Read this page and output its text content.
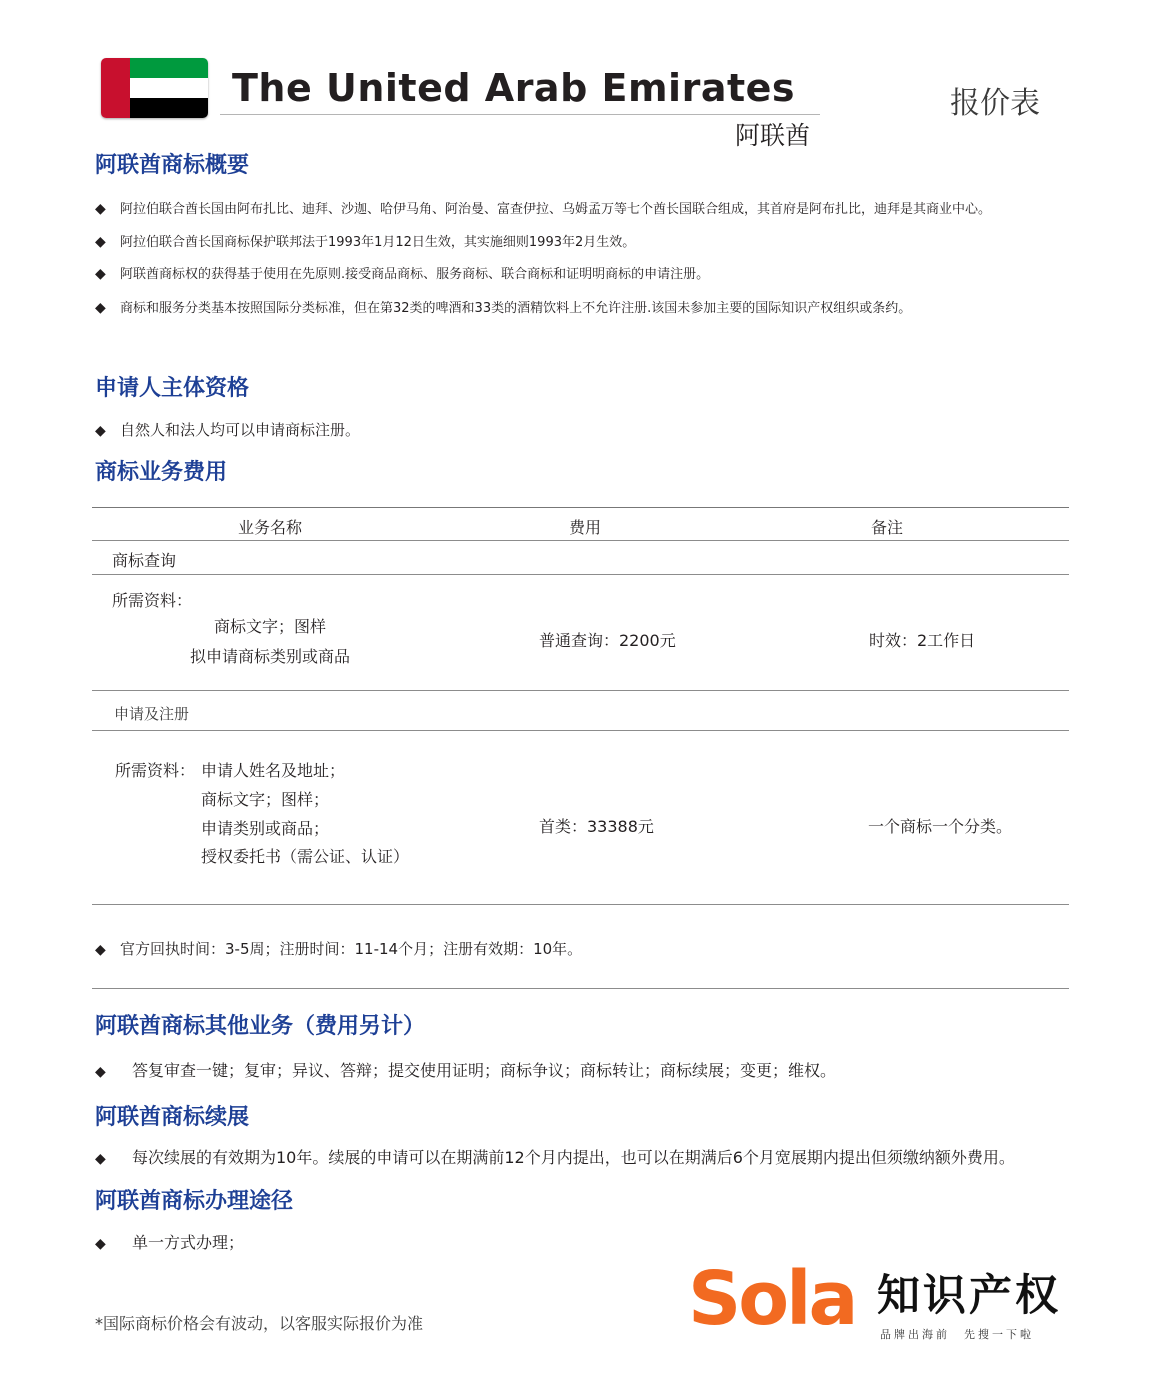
The United Arab Emirates
阿联酋
报价表
阿联酋商标概要
◆ 阿拉伯联合酋长国由阿布扎比、迪拜、沙迦、哈伊马角、阿治曼、富查伊拉、乌姆孟万等七个酋长国联合组成，其首府是阿布扎比，迪拜是其商业中心。
◆ 阿拉伯联合酋长国商标保护联邦法于1993年1月12日生效，其实施细则1993年2月生效。
◆ 阿联酋商标权的获得基于使用在先原则.接受商品商标、服务商标、联合商标和证明明商标的申请注册。
◆ 商标和服务分类基本按照国际分类标准，但在第32类的啤酒和33类的酒精饮料上不允许注册.该国未参加主要的国际知识产权组织或条约。
申请人主体资格
◆ 自然人和法人均可以申请商标注册。
商标业务费用
业务名称	费用	备注
商标查询
所需资料：
商标文字；图样
拟申请商标类别或商品
普通查询：2200元	时效：2工作日
申请及注册
所需资料： 申请人姓名及地址；
商标文字；图样；
申请类别或商品；
授权委托书（需公证、认证）
首类：33388元	一个商标一个分类。
◆ 官方回执时间：3-5周；注册时间：11-14个月；注册有效期：10年。
阿联酋商标其他业务（费用另计）
◆ 答复审查一键；复审；异议、答辩；提交使用证明；商标争议；商标转让；商标续展；变更；维权。
阿联酋商标续展
◆ 每次续展的有效期为10年。续展的申请可以在期满前12个月内提出，也可以在期满后6个月宽展期内提出但须缴纳额外费用。
阿联酋商标办理途径
◆ 单一方式办理；
*国际商标价格会有波动，以客服实际报价为准	Sola 知识产权
品牌出海前　先搜一下啦
